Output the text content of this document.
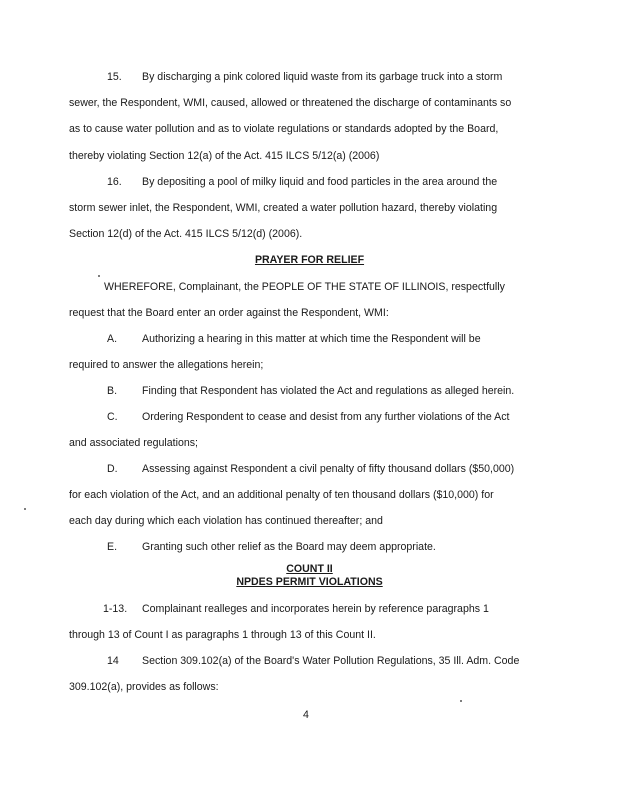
15. By discharging a pink colored liquid waste from its garbage truck into a storm
sewer, the Respondent, WMI, caused, allowed or threatened the discharge of contaminants so
as to cause water pollution and as to violate regulations or standards adopted by the Board,
thereby violating Section 12(a) of the Act. 415 ILCS 5/12(a) (2006)
16. By depositing a pool of milky liquid and food particles in the area around the
storm sewer inlet, the Respondent, WMI, created a water pollution hazard, thereby violating
Section 12(d) of the Act. 415 ILCS 5/12(d) (2006).
PRAYER FOR RELIEF
WHEREFORE, Complainant, the PEOPLE OF THE STATE OF ILLINOIS, respectfully
request that the Board enter an order against the Respondent, WMI:
A. Authorizing a hearing in this matter at which time the Respondent will be
required to answer the allegations herein;
B. Finding that Respondent has violated the Act and regulations as alleged herein.
C. Ordering Respondent to cease and desist from any further violations of the Act
and associated regulations;
D. Assessing against Respondent a civil penalty of fifty thousand dollars ($50,000)
for each violation of the Act, and an additional penalty of ten thousand dollars ($10,000) for
each day during which each violation has continued thereafter; and
E. Granting such other relief as the Board may deem appropriate.
COUNT II
NPDES PERMIT VIOLATIONS
1-13. Complainant realleges and incorporates herein by reference paragraphs 1
through 13 of Count I as paragraphs 1 through 13 of this Count II.
14 Section 309.102(a) of the Board's Water Pollution Regulations, 35 Ill. Adm. Code
309.102(a), provides as follows:
4
